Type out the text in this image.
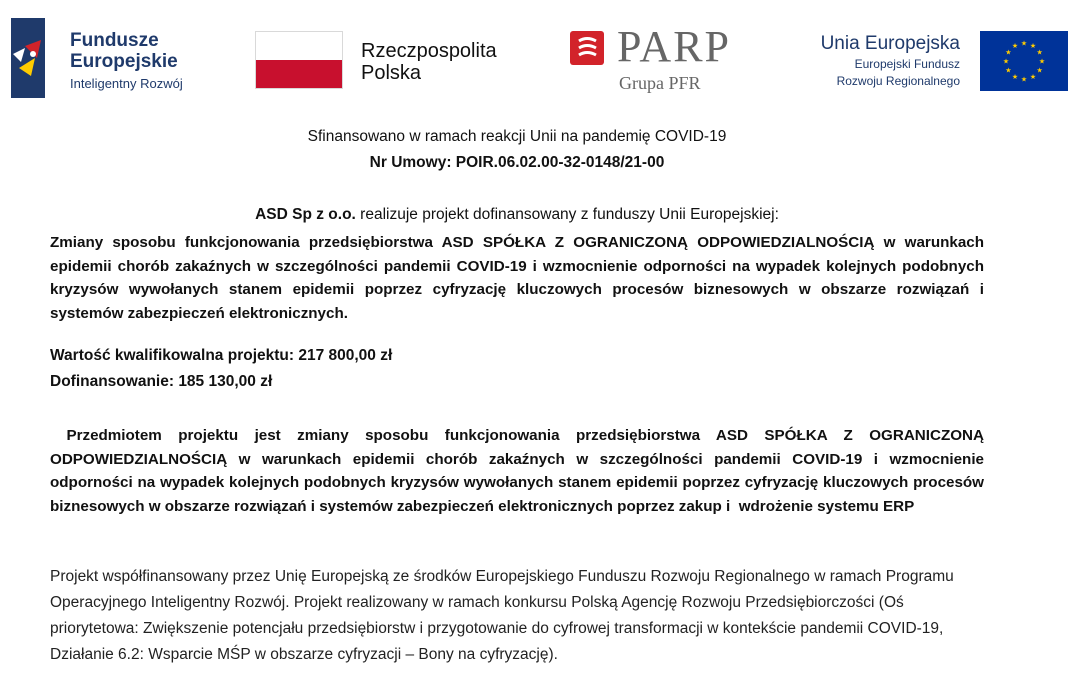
Fundusze
Europejskie
Inteligentny Rozwój
Rzeczpospolita
Polska
PARP
Grupa PFR
Unia Europejska
Europejski Fundusz
Rozwoju Regionalnego
★ ★
★
★
★
★
★
★
★
★
★
★
Sfinansowano w ramach reakcji Unii na pandemię COVID-19
Nr Umowy: POIR.06.02.00-32-0148/21-00
ASD Sp z o.o. realizuje projekt dofinansowany z funduszy Unii Europejskiej:
Zmiany sposobu funkcjonowania przedsiębiorstwa ASD SPÓŁKA Z OGRANICZONĄ ODPOWIEDZIALNOŚCIĄ w warunkach epidemii chorób zakaźnych w szczególności pandemii COVID-19 i wzmocnienie odporności na wypadek kolejnych podobnych kryzysów wywołanych stanem epidemii poprzez cyfryzację kluczowych procesów biznesowych w obszarze rozwiązań i systemów zabezpieczeń elektronicznych.
Wartość kwalifikowalna projektu: 217 800,00 zł
Dofinansowanie: 185 130,00 zł
Przedmiotem projektu jest zmiany sposobu funkcjonowania przedsiębiorstwa ASD SPÓŁKA Z OGRANICZONĄ ODPOWIEDZIALNOŚCIĄ w warunkach epidemii chorób zakaźnych w szczególności pandemii COVID-19 i wzmocnienie odporności na wypadek kolejnych podobnych kryzysów wywołanych stanem epidemii poprzez cyfryzację kluczowych procesów biznesowych w obszarze rozwiązań i systemów zabezpieczeń elektronicznych poprzez zakup i  wdrożenie systemu ERP
Projekt współfinansowany przez Unię Europejską ze środków Europejskiego Funduszu Rozwoju Regionalnego w ramach Programu Operacyjnego Inteligentny Rozwój. Projekt realizowany w ramach konkursu Polską Agencję Rozwoju Przedsiębiorczości (Oś priorytetowa: Zwiększenie potencjału przedsiębiorstw i przygotowanie do cyfrowej transformacji w kontekście pandemii COVID-19, Działanie 6.2: Wsparcie MŚP w obszarze cyfryzacji – Bony na cyfryzację).
